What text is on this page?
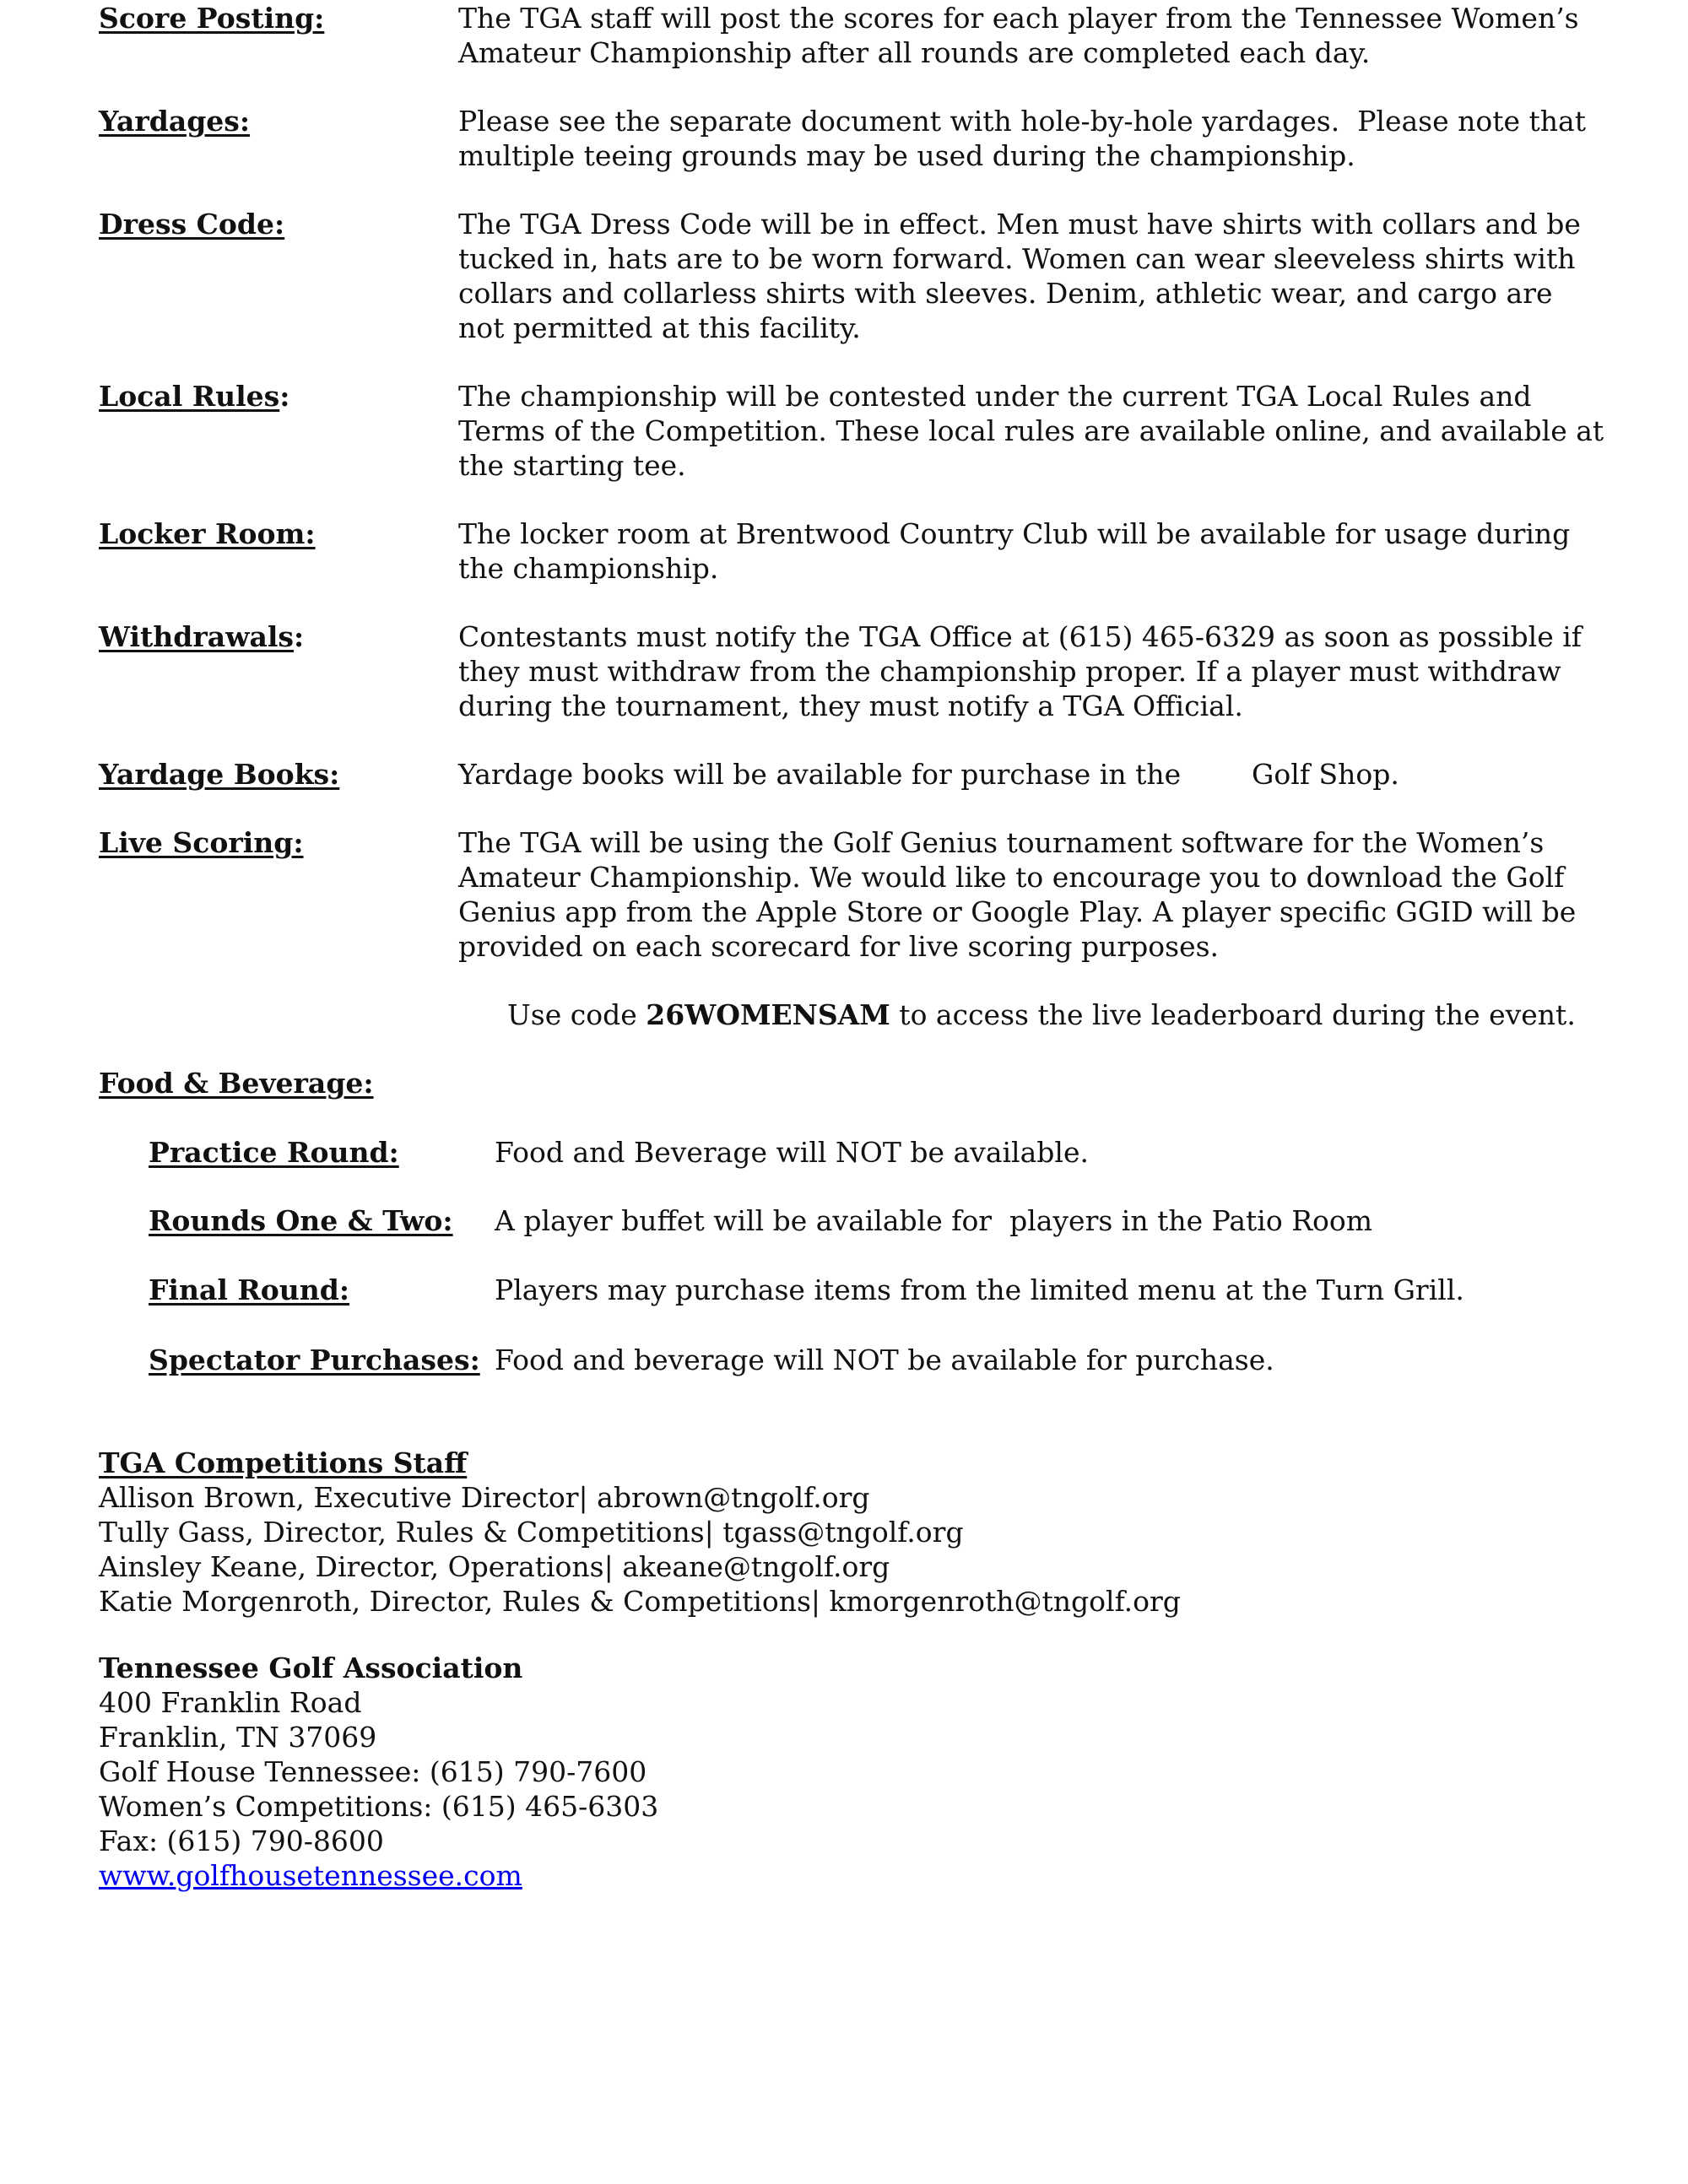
Score Posting:	The TGA staff will post the scores for each player from the Tennessee Women’s Amateur Championship after all rounds are completed each day.
Yardages:	Please see the separate document with hole-by-hole yardages.  Please note that multiple teeing grounds may be used during the championship.
Dress Code:	The TGA Dress Code will be in effect. Men must have shirts with collars and be tucked in, hats are to be worn forward. Women can wear sleeveless shirts with collars and collarless shirts with sleeves. Denim, athletic wear, and cargo are not permitted at this facility.
Local Rules:	The championship will be contested under the current TGA Local Rules and Terms of the Competition. These local rules are available online, and available at the starting tee.
Locker Room:	The locker room at Brentwood Country Club will be available for usage during the championship.
Withdrawals:	Contestants must notify the TGA Office at (615) 465-6329 as soon as possible if they must withdraw from the championship proper. If a player must withdraw during the tournament, they must notify a TGA Official.
Yardage Books:	Yardage books will be available for purchase in the        Golf Shop.
Live Scoring:	The TGA will be using the Golf Genius tournament software for the Women’s Amateur Championship. We would like to encourage you to download the Golf Genius app from the Apple Store or Google Play. A player specific GGID will be provided on each scorecard for live scoring purposes.
Use code 26WOMENSAM to access the live leaderboard during the event.
Food & Beverage:
Practice Round:	Food and Beverage will NOT be available.
Rounds One & Two: A player buffet will be available for  players in the Patio Room
Final Round:	Players may purchase items from the limited menu at the Turn Grill.
Spectator Purchases: Food and beverage will NOT be available for purchase.
TGA Competitions Staff
Allison Brown, Executive Director| abrown@tngolf.org
Tully Gass, Director, Rules & Competitions| tgass@tngolf.org
Ainsley Keane, Director, Operations| akeane@tngolf.org
Katie Morgenroth, Director, Rules & Competitions| kmorgenroth@tngolf.org
Tennessee Golf Association
400 Franklin Road
Franklin, TN 37069
Golf House Tennessee: (615) 790-7600
Women’s Competitions: (615) 465-6303
Fax: (615) 790-8600
www.golfhousetennessee.com
